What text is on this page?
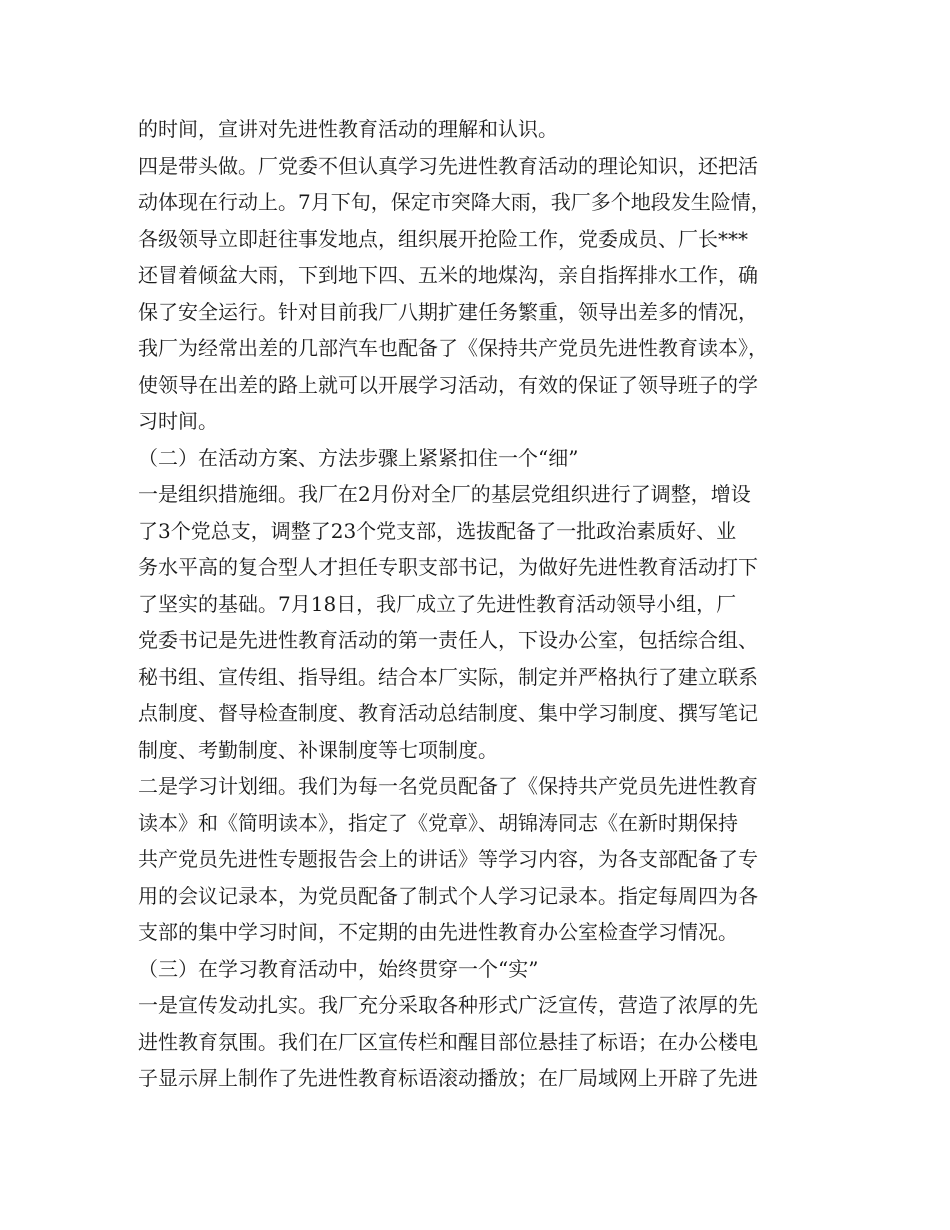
的时间，宣讲对先进性教育活动的理解和认识。
四是带头做。厂党委不但认真学习先进性教育活动的理论知识，还把活
动体现在行动上。7月下旬，保定市突降大雨，我厂多个地段发生险情，
各级领导立即赶往事发地点，组织展开抢险工作，党委成员、厂长***
还冒着倾盆大雨，下到地下四、五米的地煤沟，亲自指挥排水工作，确
保了安全运行。针对目前我厂八期扩建任务繁重，领导出差多的情况，
我厂为经常出差的几部汽车也配备了《保持共产党员先进性教育读本》，
使领导在出差的路上就可以开展学习活动，有效的保证了领导班子的学
习时间。
（二）在活动方案、方法步骤上紧紧扣住一个“细”
一是组织措施细。我厂在2月份对全厂的基层党组织进行了调整，增设
了3个党总支，调整了23个党支部，选拔配备了一批政治素质好、业
务水平高的复合型人才担任专职支部书记，为做好先进性教育活动打下
了坚实的基础。7月18日，我厂成立了先进性教育活动领导小组，厂
党委书记是先进性教育活动的第一责任人，下设办公室，包括综合组、
秘书组、宣传组、指导组。结合本厂实际，制定并严格执行了建立联系
点制度、督导检查制度、教育活动总结制度、集中学习制度、撰写笔记
制度、考勤制度、补课制度等七项制度。
二是学习计划细。我们为每一名党员配备了《保持共产党员先进性教育
读本》和《简明读本》，指定了《党章》、胡锦涛同志《在新时期保持
共产党员先进性专题报告会上的讲话》等学习内容，为各支部配备了专
用的会议记录本，为党员配备了制式个人学习记录本。指定每周四为各
支部的集中学习时间，不定期的由先进性教育办公室检查学习情况。
（三）在学习教育活动中，始终贯穿一个“实”
一是宣传发动扎实。我厂充分采取各种形式广泛宣传，营造了浓厚的先
进性教育氛围。我们在厂区宣传栏和醒目部位悬挂了标语；在办公楼电
子显示屏上制作了先进性教育标语滚动播放；在厂局域网上开辟了先进
